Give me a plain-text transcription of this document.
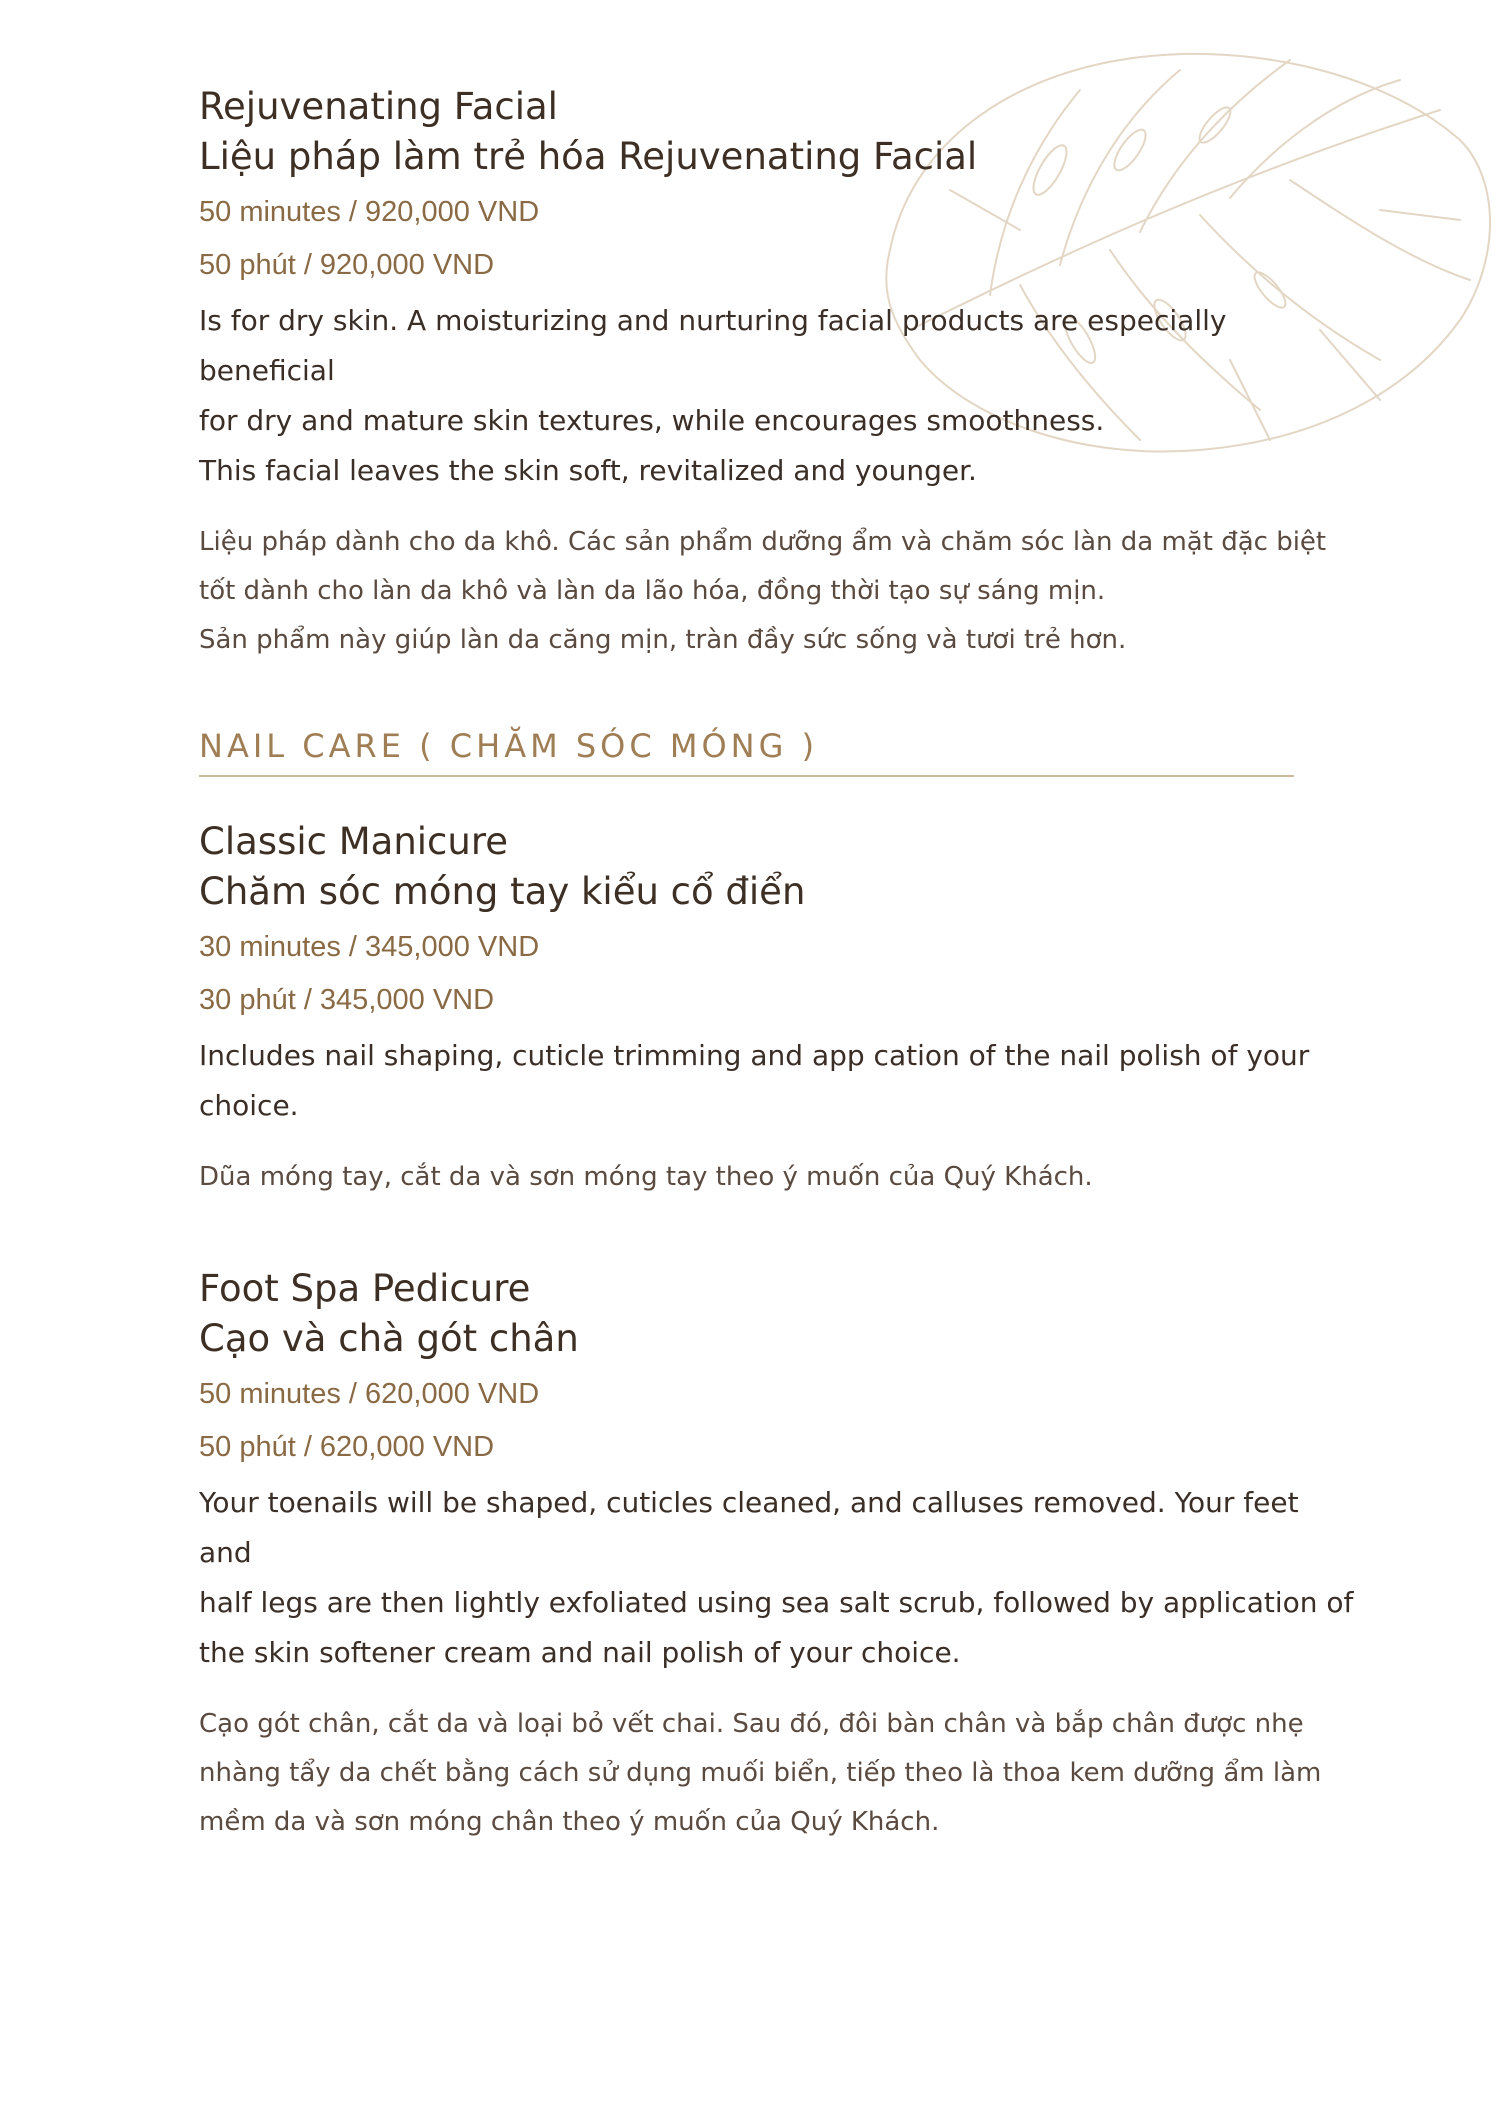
Rejuvenating Facial
Liệu pháp làm trẻ hóa Rejuvenating Facial
50 minutes / 920,000 VND
50 phút / 920,000 VND
Is for dry skin. A moisturizing and nurturing facial products are especially beneficial
for dry and mature skin textures, while encourages smoothness.
This facial leaves the skin soft, revitalized and younger.
Liệu pháp dành cho da khô. Các sản phẩm dưỡng ẩm và chăm sóc làn da mặt đặc biệt
tốt dành cho làn da khô và làn da lão hóa, đồng thời tạo sự sáng mịn.
Sản phẩm này giúp làn da căng mịn, tràn đầy sức sống và tươi trẻ hơn.
NAIL CARE ( CHĂM SÓC MÓNG )
Classic Manicure
Chăm sóc móng tay kiểu cổ điển
30 minutes / 345,000 VND
30 phút / 345,000 VND
Includes nail shaping, cuticle trimming and app cation of the nail polish of your
choice.
Dũa móng tay, cắt da và sơn móng tay theo ý muốn của Quý Khách.
Foot Spa Pedicure
Cạo và chà gót chân
50 minutes / 620,000 VND
50 phút / 620,000 VND
Your toenails will be shaped, cuticles cleaned, and calluses removed. Your feet and
half legs are then lightly exfoliated using sea salt scrub, followed by application of
the skin softener cream and nail polish of your choice.
Cạo gót chân, cắt da và loại bỏ vết chai. Sau đó, đôi bàn chân và bắp chân được nhẹ
nhàng tẩy da chết bằng cách sử dụng muối biển, tiếp theo là thoa kem dưỡng ẩm làm
mềm da và sơn móng chân theo ý muốn của Quý Khách.
